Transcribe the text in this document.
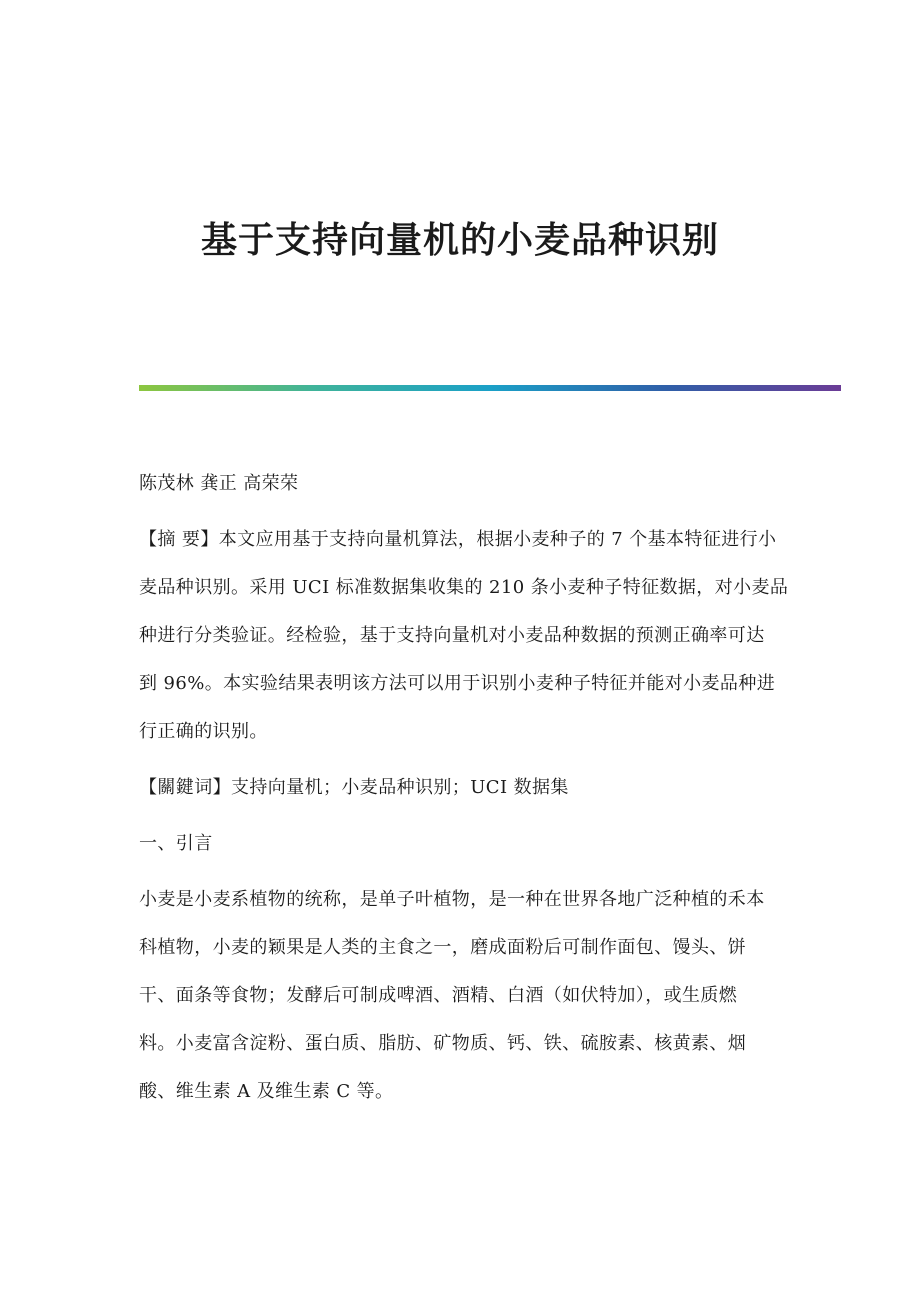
基于支持向量机的小麦品种识别
陈茂林 龚正 高荣荣
【摘 要】本文应用基于支持向量机算法，根据小麦种子的 7 个基本特征进行小
麦品种识别。采用 UCI 标准数据集收集的 210 条小麦种子特征数据，对小麦品
种进行分类验证。经检验，基于支持向量机对小麦品种数据的预测正确率可达
到 96%。本实验结果表明该方法可以用于识别小麦种子特征并能对小麦品种进
行正确的识别。
【關鍵词】支持向量机；小麦品种识别；UCI 数据集
一、引言
小麦是小麦系植物的统称，是单子叶植物，是一种在世界各地广泛种植的禾本
科植物，小麦的颖果是人类的主食之一，磨成面粉后可制作面包、馒头、饼
干、面条等食物；发酵后可制成啤酒、酒精、白酒（如伏特加），或生质燃
料。小麦富含淀粉、蛋白质、脂肪、矿物质、钙、铁、硫胺素、核黄素、烟
酸、维生素 A 及维生素 C 等。
